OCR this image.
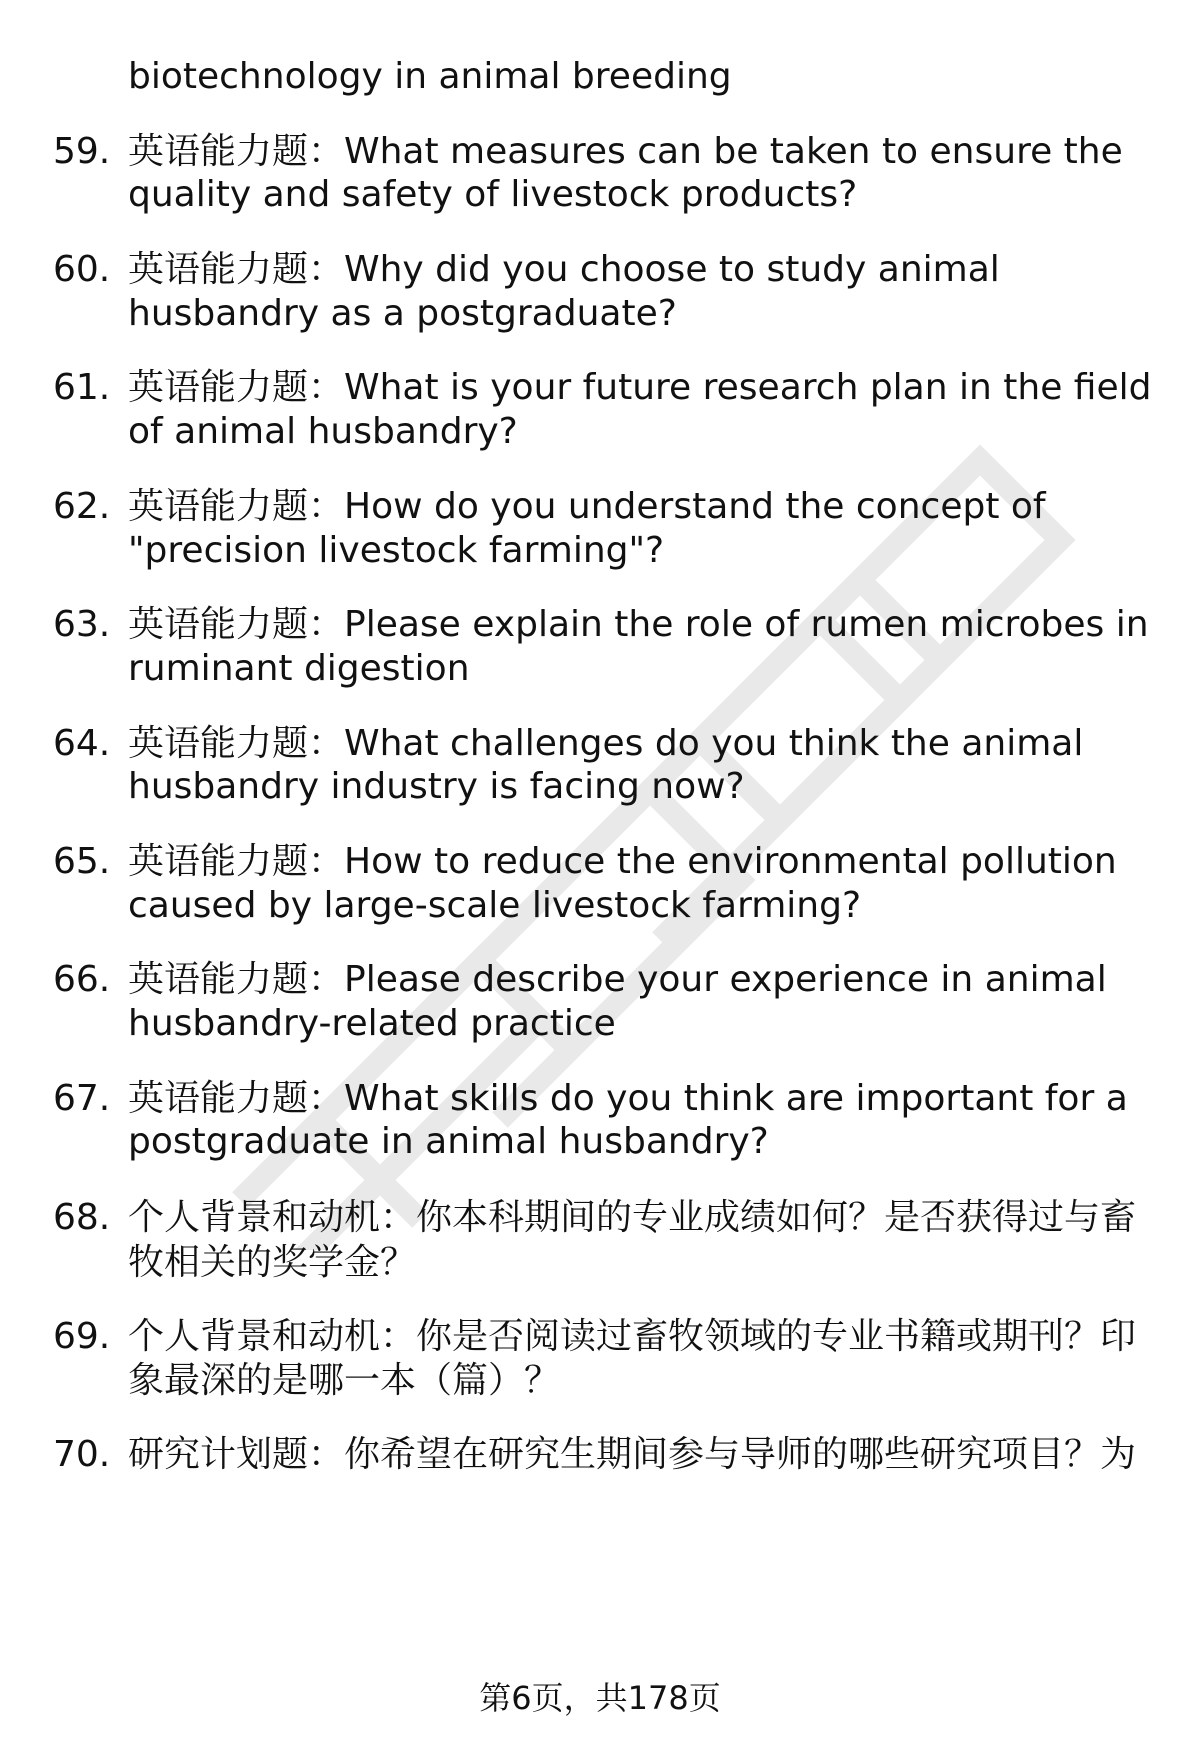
biotechnology in animal breeding
59. 英语能力题：What measures can be taken to ensure the
quality and safety of livestock products?
60. 英语能力题：Why did you choose to study animal
husbandry as a postgraduate?
61. 英语能力题：What is your future research plan in the field
of animal husbandry?
62. 英语能力题：How do you understand the concept of
"precision livestock farming"?
63. 英语能力题：Please explain the role of rumen microbes in
ruminant digestion
64. 英语能力题：What challenges do you think the animal
husbandry industry is facing now?
65. 英语能力题：How to reduce the environmental pollution
caused by large-scale livestock farming?
66. 英语能力题：Please describe your experience in animal
husbandry-related practice
67. 英语能力题：What skills do you think are important for a
postgraduate in animal husbandry?
68. 个人背景和动机：你本科期间的专业成绩如何？是否获得过与畜
牧相关的奖学金？
69. 个人背景和动机：你是否阅读过畜牧领域的专业书籍或期刊？印
象最深的是哪一本（篇）？
70. 研究计划题：你希望在研究生期间参与导师的哪些研究项目？为
第6页，共178页
